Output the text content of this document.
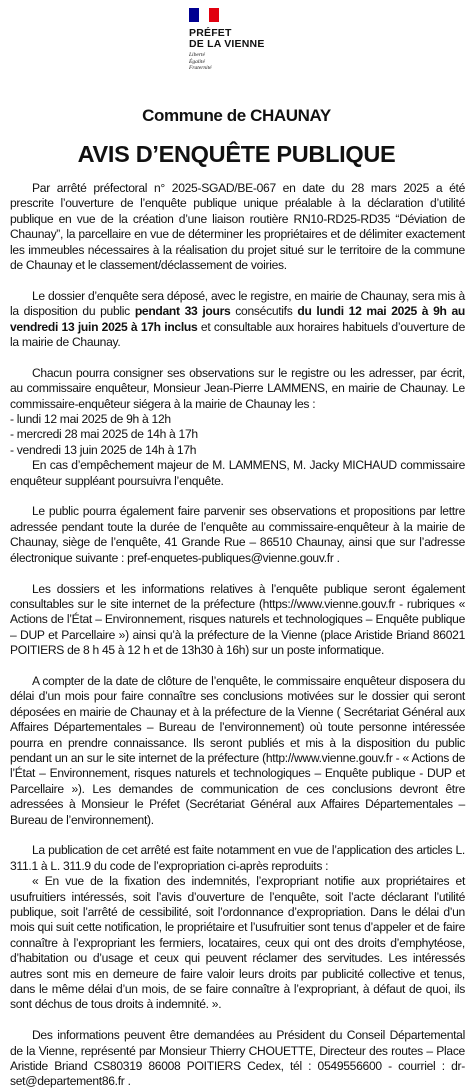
PRÉFET
DE LA VIENNE
Liberté
Égalité
Fraternité
Commune de CHAUNAY
AVIS D’ENQUÊTE PUBLIQUE

Par arrêté préfectoral n° 2025-SGAD/BE-067 en date du 28 mars 2025 a été prescrite l’ouverture de l’enquête publique unique préalable à la déclaration d’utilité publique en vue de la création d’une liaison routière RN10-RD25-RD35 “Déviation de Chaunay”, la parcellaire en vue de déterminer les propriétaires et de délimiter exactement les immeubles nécessaires à la réalisation du projet situé sur le territoire de la commune de Chaunay et le classement/déclassement de voiries.

Le dossier d’enquête sera déposé, avec le registre, en mairie de Chaunay, sera mis à la disposition du public pendant 33 jours consécutifs du lundi 12 mai 2025 à 9h au vendredi 13 juin 2025 à 17h inclus et consultable aux horaires habituels d’ouverture de la mairie de Chaunay.

Chacun pourra consigner ses observations sur le registre ou les adresser, par écrit, au commissaire enquêteur, Monsieur Jean-Pierre LAMMENS, en mairie de Chaunay. Le commissaire-enquêteur siégera à la mairie de Chaunay les :
- lundi 12 mai 2025 de 9h à 12h
- mercredi 28 mai 2025 de 14h à 17h
- vendredi 13 juin 2025 de 14h à 17h
En cas d’empêchement majeur de M. LAMMENS, M. Jacky MICHAUD commissaire enquêteur suppléant poursuivra l’enquête.

Le public pourra également faire parvenir ses observations et propositions par lettre adressée pendant toute la durée de l’enquête au commissaire-enquêteur à la mairie de Chaunay, siège de l’enquête, 41 Grande Rue – 86510 Chaunay, ainsi que sur l’adresse électronique suivante : pref-enquetes-publiques@vienne.gouv.fr .

Les dossiers et les informations relatives à l’enquête publique seront également consultables sur le site internet de la préfecture (https://www.vienne.gouv.fr - rubriques « Actions de l’État – Environnement, risques naturels et technologiques – Enquête publique – DUP et Parcellaire ») ainsi qu’à la préfecture de la Vienne (place Aristide Briand 86021 POITIERS de 8 h 45 à 12 h et de 13h30 à 16h) sur un poste informatique.

A compter de la date de clôture de l’enquête, le commissaire enquêteur disposera du délai d’un mois pour faire connaître ses conclusions motivées sur le dossier qui seront déposées en mairie de Chaunay et à la préfecture de la Vienne ( Secrétariat Général aux Affaires Départementales – Bureau de l’environnement) où toute personne intéressée pourra en prendre connaissance. Ils seront publiés et mis à la disposition du public pendant un an sur le site internet de la préfecture (http://www.vienne.gouv.fr - « Actions de l’État – Environnement, risques naturels et technologiques – Enquête publique - DUP et Parcellaire »). Les demandes de communication de ces conclusions devront être adressées à Monsieur le Préfet (Secrétariat Général aux Affaires Départementales – Bureau de l’environnement).

La publication de cet arrêté est faite notamment en vue de l’application des articles L. 311.1 à L. 311.9 du code de l’expropriation ci-après reproduits :
« En vue de la fixation des indemnités, l’expropriant notifie aux propriétaires et usufruitiers intéressés, soit l’avis d’ouverture de l’enquête, soit l’acte déclarant l’utilité publique, soit l’arrêté de cessibilité, soit l’ordonnance d’expropriation. Dans le délai d’un mois qui suit cette notification, le propriétaire et l’usufruitier sont tenus d’appeler et de faire connaître à l’expropriant les fermiers, locataires, ceux qui ont des droits d’emphytéose, d’habitation ou d’usage et ceux qui peuvent réclamer des servitudes. Les intéressés autres sont mis en demeure de faire valoir leurs droits par publicité collective et tenus, dans le même délai d’un mois, de se faire connaître à l’expropriant, à défaut de quoi, ils sont déchus de tous droits à indemnité. ».

Des informations peuvent être demandées au Président du Conseil Départemental de la Vienne, représenté par Monsieur Thierry CHOUETTE, Directeur des routes – Place Aristide Briand CS80319 86008 POITIERS Cedex, tél : 0549556600 - courriel : dr-set@departement86.fr .
